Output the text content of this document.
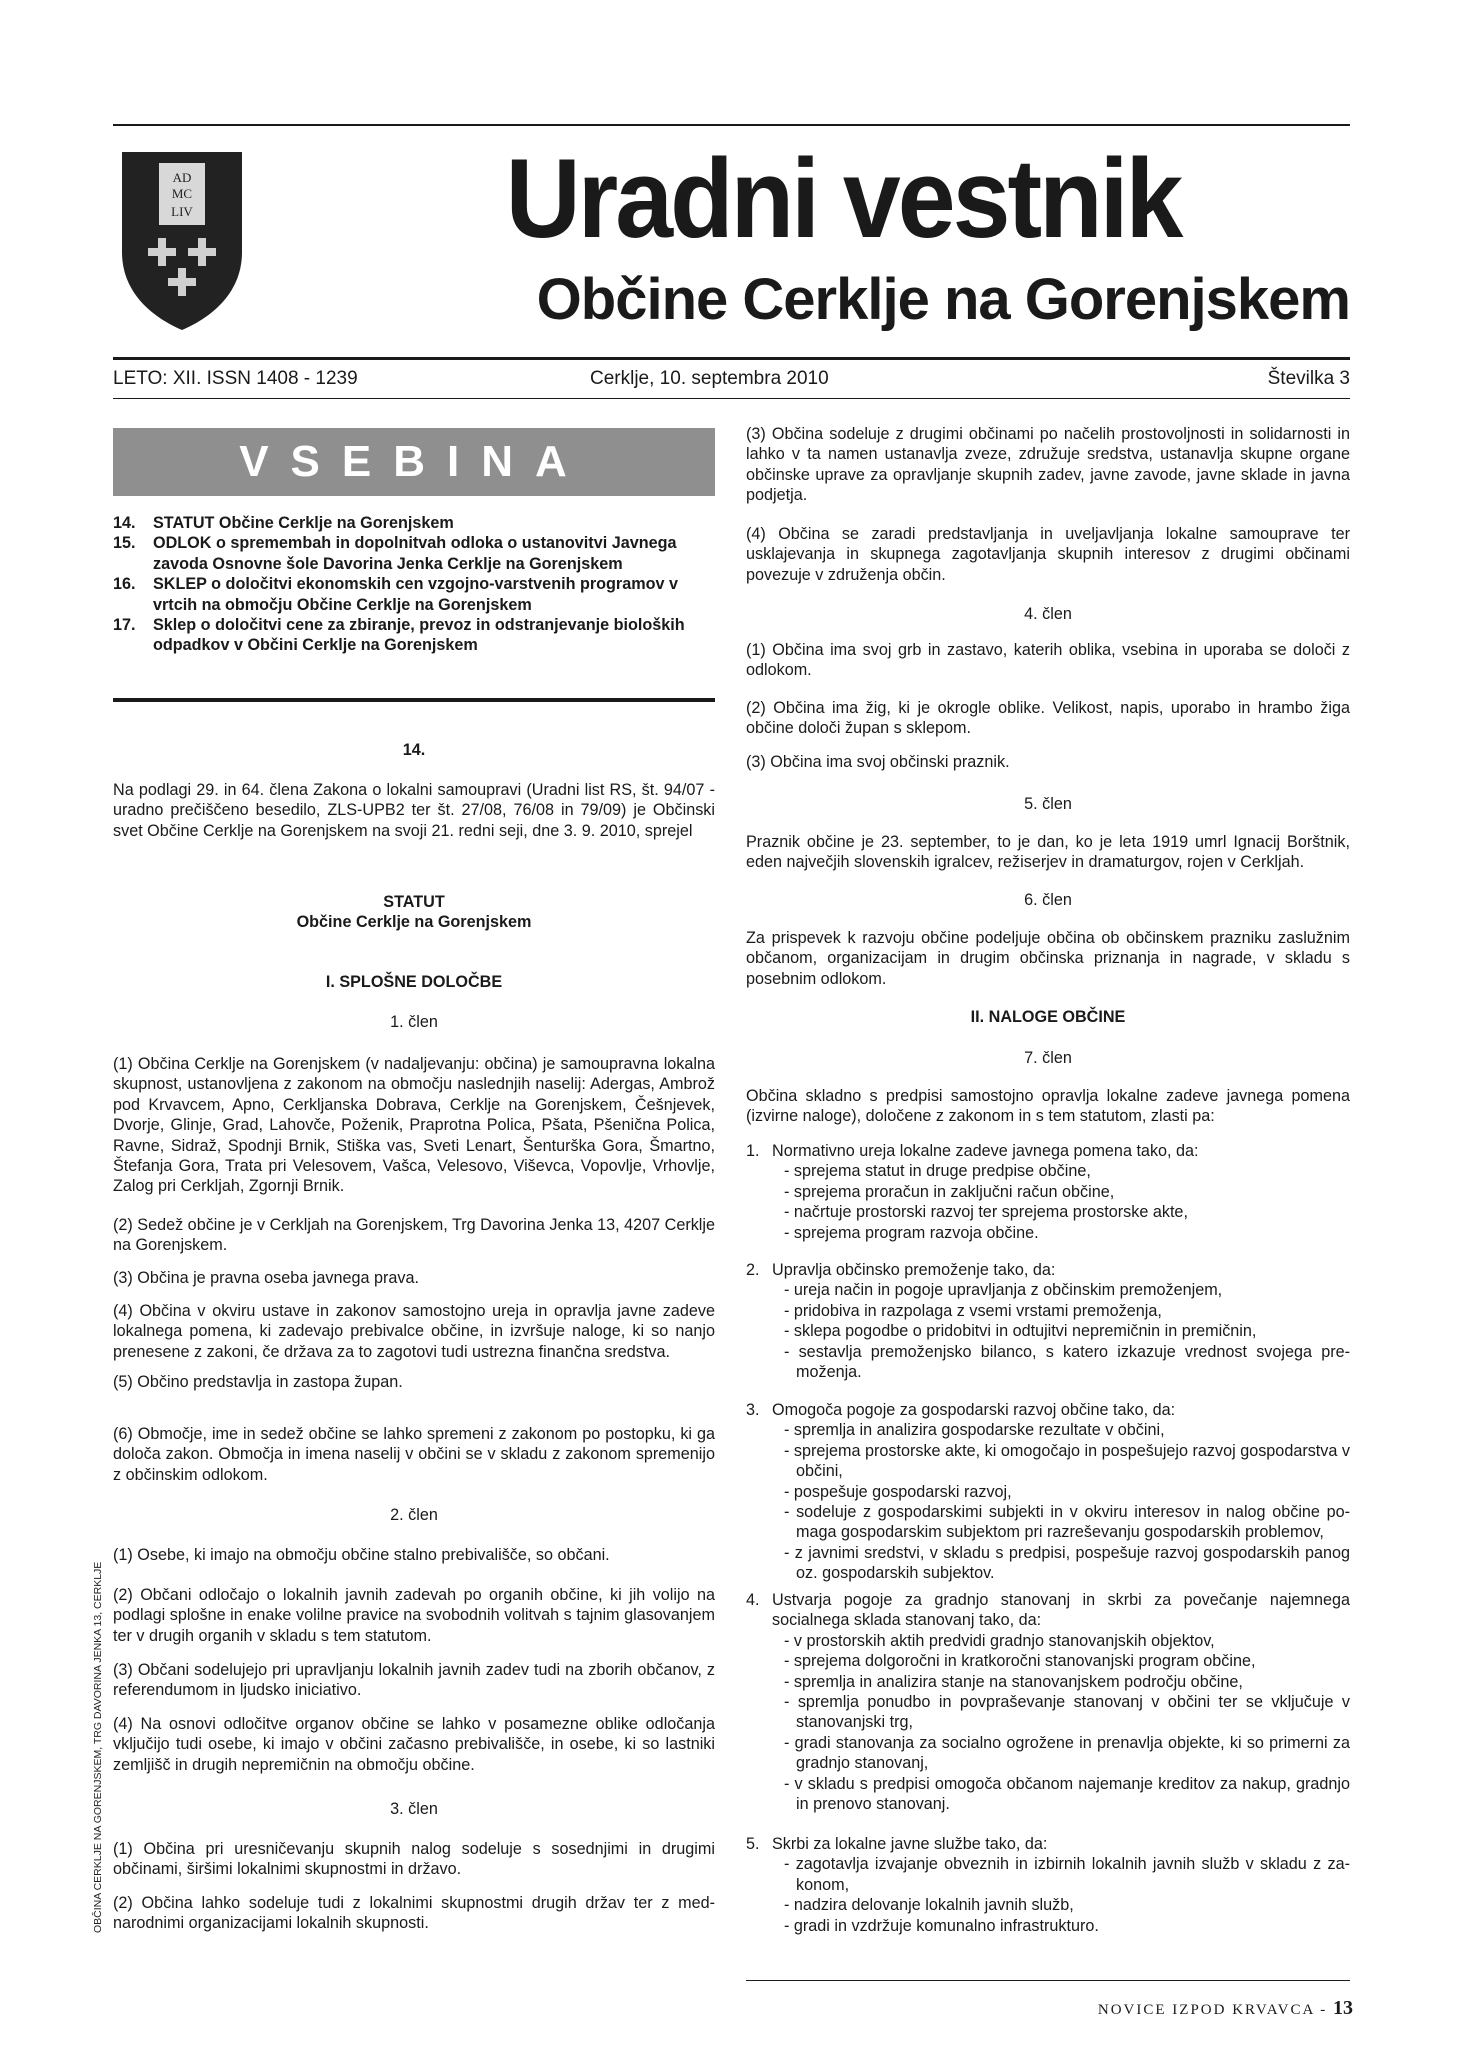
AD
MC
LIV	Uradni vestnik
Občine Cerklje na Gorenjskem
LETO: XII. ISSN 1408 - 1239	Cerklje, 10. septembra 2010	Številka 3
VSEBINA
14. STATUT Občine Cerklje na Gorenjskem
15. ODLOK o spremembah in dopolnitvah odloka o ustanovitvi Javnega zavoda Osnovne šole Davorina Jenka Cerklje na Gorenjskem
16. SKLEP o določitvi ekonomskih cen vzgojno-varstvenih programov v vrtcih na območju Občine Cerklje na Gorenjskem
17. Sklep o določitvi cene za zbiranje, prevoz in odstranjevanje bioloških odpadkov v Občini Cerklje na Gorenjskem

14.

Na podlagi 29. in 64. člena Zakona o lokalni samoupravi (Uradni list RS, št. 94/07 - uradno prečiščeno besedilo, ZLS-UPB2 ter št. 27/08, 76/08 in 79/09) je Občinski svet Občine Cerklje na Gorenjskem na svoji 21. redni seji, dne 3. 9. 2010, sprejel

STATUT

Občine Cerklje na Gorenjskem

I. SPLOŠNE DOLOČBE

1. člen

(1) Občina Cerklje na Gorenjskem (v nadaljevanju: občina) je samoupravna lokalna skupnost, ustanovljena z zakonom na območju naslednjih naselij: Adergas, Ambrož pod Krvavcem, Apno, Cerkljanska Dobrava, Cerklje na Gorenjskem, Češnjevek, Dvorje, Glinje, Grad, Lahovče, Poženik, Praprotna Polica, Pšata, Pšenična Polica, Ravne, Sidraž, Spodnji Brnik, Stiška vas, Sveti Lenart, Šenturška Gora, Šmartno, Štefanja Gora, Trata pri Velesovem, Vašca, Velesovo, Viševca, Vopovlje, Vrhovlje, Zalog pri Cerkljah, Zgornji Brnik.

(2) Sedež občine je v Cerkljah na Gorenjskem, Trg Davorina Jenka 13, 4207 Cerklje na Gorenjskem.

(3) Občina je pravna oseba javnega prava.

(4) Občina v okviru ustave in zakonov samostojno ureja in opravlja javne zadeve lokalnega pomena, ki zadevajo prebivalce občine, in izvršuje naloge, ki so nanjo prenesene z zakoni, če država za to zagotovi tudi ustrezna finančna sredstva.

(5) Občino predstavlja in zastopa župan.

(6) Območje, ime in sedež občine se lahko spremeni z zakonom po postopku, ki ga določa zakon. Območja in imena naselij v občini se v skladu z zakonom spremenijo z občinskim odlokom.

2. člen

(1) Osebe, ki imajo na območju občine stalno prebivališče, so občani.

(2) Občani odločajo o lokalnih javnih zadevah po organih občine, ki jih volijo na podlagi splošne in enake volilne pravice na svobodnih volitvah s tajnim glasovanjem ter v drugih organih v skladu s tem statutom.

(3) Občani sodelujejo pri upravljanju lokalnih javnih zadev tudi na zborih občanov, z referendumom in ljudsko iniciativo.

(4) Na osnovi odločitve organov občine se lahko v posamezne oblike odločanja vključijo tudi osebe, ki imajo v občini začasno prebivališče, in osebe, ki so lastniki zemljišč in drugih nepremičnin na območju občine.

3. člen

(1) Občina pri uresničevanju skupnih nalog sodeluje s sosednjimi in drugimi občinami, širšimi lokalnimi skupnostmi in državo.

(2) Občina lahko sodeluje tudi z lokalnimi skupnostmi drugih držav ter z mednarodnimi organizacijami lokalnih skupnosti.

(3) Občina sodeluje z drugimi občinami po načelih prostovoljnosti in solidarnosti in lahko v ta namen ustanavlja zveze, združuje sredstva, ustanavlja skupne organe občinske uprave za opravljanje skupnih zadev, javne zavode, javne sklade in javna podjetja.

(4) Občina se zaradi predstavljanja in uveljavljanja lokalne samouprave ter usklajevanja in skupnega zagotavljanja skupnih interesov z drugimi občinami povezuje v združenja občin.

4. člen

(1) Občina ima svoj grb in zastavo, katerih oblika, vsebina in uporaba se določi z odlokom.

(2) Občina ima žig, ki je okrogle oblike. Velikost, napis, uporabo in hrambo žiga občine določi župan s sklepom.

(3) Občina ima svoj občinski praznik.

5. člen

Praznik občine je 23. september, to je dan, ko je leta 1919 umrl Ignacij Borštnik, eden največjih slovenskih igralcev, režiserjev in dramaturgov, rojen v Cerkljah.

6. člen

Za prispevek k razvoju občine podeljuje občina ob občinskem prazniku zaslužnim občanom, organizacijam in drugim občinska priznanja in nagrade, v skladu s posebnim odlokom.

II. NALOGE OBČINE

7. člen

Občina skladno s predpisi samostojno opravlja lokalne zadeve javnega pomena (izvirne naloge), določene z zakonom in s tem statutom, zlasti pa:

1. Normativno ureja lokalne zadeve javnega pomena tako, da:

- sprejema statut in druge predpise občine,

- sprejema proračun in zaključni račun občine,

- načrtuje prostorski razvoj ter sprejema prostorske akte,

- sprejema program razvoja občine.

2. Upravlja občinsko premoženje tako, da:

- ureja način in pogoje upravljanja z občinskim premoženjem,

- pridobiva in razpolaga z vsemi vrstami premoženja,

- sklepa pogodbe o pridobitvi in odtujitvi nepremičnin in premičnin,

- sestavlja premoženjsko bilanco, s katero izkazuje vrednost svojega premoženja.

3. Omogoča pogoje za gospodarski razvoj občine tako, da:

- spremlja in analizira gospodarske rezultate v občini,

- sprejema prostorske akte, ki omogočajo in pospešujejo razvoj gospodarstva v občini,

- pospešuje gospodarski razvoj,

- sodeluje z gospodarskimi subjekti in v okviru interesov in nalog občine pomaga gospodarskim subjektom pri razreševanju gospodarskih problemov,

- z javnimi sredstvi, v skladu s predpisi, pospešuje razvoj gospodarskih panog oz. gospodarskih subjektov.

4. Ustvarja pogoje za gradnjo stanovanj in skrbi za povečanje najemnega socialnega sklada stanovanj tako, da:

- v prostorskih aktih predvidi gradnjo stanovanjskih objektov,

- sprejema dolgoročni in kratkoročni stanovanjski program občine,

- spremlja in analizira stanje na stanovanjskem področju občine,

- spremlja ponudbo in povpraševanje stanovanj v občini ter se vključuje v stanovanjski trg,

- gradi stanovanja za socialno ogrožene in prenavlja objekte, ki so primerni za gradnjo stanovanj,

- v skladu s predpisi omogoča občanom najemanje kreditov za nakup, gradnjo in prenovo stanovanj.

5. Skrbi za lokalne javne službe tako, da:

- zagotavlja izvajanje obveznih in izbirnih lokalnih javnih služb v skladu z zakonom,

- nadzira delovanje lokalnih javnih služb,

- gradi in vzdržuje komunalno infrastrukturo.

OBČINA CERKLJE NA GORENJSKEM, TRG DAVORINA JENKA 13, CERKLJE
NOVICE IZPOD KRVAVCA - 13
